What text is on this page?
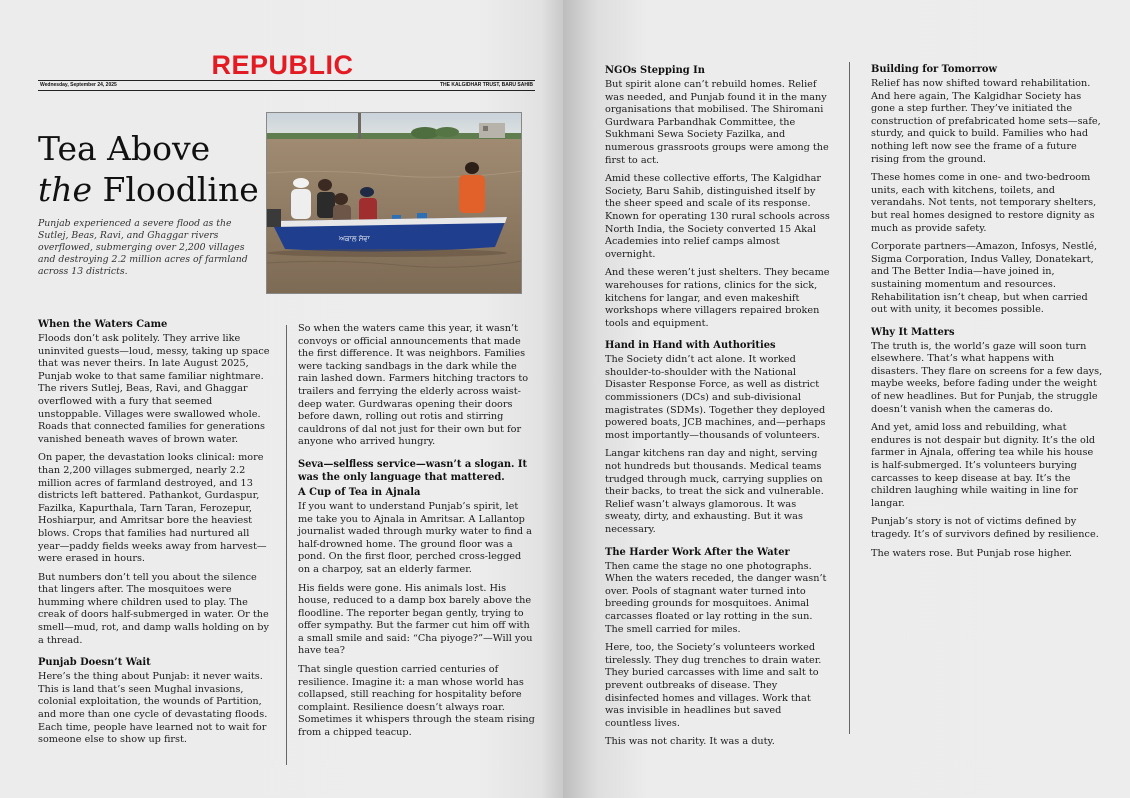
REPUBLIC
Wednesday, September 24, 2025	THE KALGIDHAR TRUST, BARU SAHIB
Tea Above

the Floodline
Punjab experienced a severe flood as the Sutlej, Beas, Ravi, and Ghaggar rivers overflowed, submerging over 2,200 villages and destroying 2.2 million acres of farmland across 13 districts.
ਅਕਾਲ ਸੇਵਾ
When the Waters Came

Floods don’t ask politely. They arrive like uninvited guests—loud, messy, taking up space that was never theirs. In late August 2025, Punjab woke to that same familiar nightmare. The rivers Sutlej, Beas, Ravi, and Ghaggar overflowed with a fury that seemed unstoppable. Villages were swallowed whole. Roads that connected families for generations vanished beneath waves of brown water.

On paper, the devastation looks clinical: more than 2,200 villages submerged, nearly 2.2 million acres of farmland destroyed, and 13 districts left battered. Pathankot, Gurdaspur, Fazilka, Kapurthala, Tarn Taran, Ferozepur, Hoshiarpur, and Amritsar bore the heaviest blows. Crops that families had nurtured all year—paddy fields weeks away from harvest—were erased in hours.

But numbers don’t tell you about the silence that lingers after. The mosquitoes were humming where children used to play. The creak of doors half-submerged in water. Or the smell—mud, rot, and damp walls holding on by a thread.

Punjab Doesn’t Wait

Here’s the thing about Punjab: it never waits. This is land that’s seen Mughal invasions, colonial exploitation, the wounds of Partition, and more than one cycle of devastating floods. Each time, people have learned not to wait for someone else to show up first.

So when the waters came this year, it wasn’t convoys or official announcements that made the first difference. It was neighbors. Families were tacking sandbags in the dark while the rain lashed down. Farmers hitching tractors to trailers and ferrying the elderly across waist-deep water. Gurdwaras opening their doors before dawn, rolling out rotis and stirring cauldrons of dal not just for their own but for anyone who arrived hungry.

Seva—selfless service—wasn’t a slogan. It was the only language that mattered.
A Cup of Tea in Ajnala

If you want to understand Punjab’s spirit, let me take you to Ajnala in Amritsar. A Lallantop journalist waded through murky water to find a half-drowned home. The ground floor was a pond. On the first floor, perched cross-legged on a charpoy, sat an elderly farmer.

His fields were gone. His animals lost. His house, reduced to a damp box barely above the floodline. The reporter began gently, trying to offer sympathy. But the farmer cut him off with a small smile and said: “Cha piyoge?”—Will you have tea?

That single question carried centuries of resilience. Imagine it: a man whose world has collapsed, still reaching for hospitality before complaint. Resilience doesn’t always roar. Sometimes it whispers through the steam rising from a chipped teacup.

NGOs Stepping In

But spirit alone can’t rebuild homes. Relief was needed, and Punjab found it in the many organisations that mobilised. The Shiromani Gurdwara Parbandhak Committee, the Sukhmani Sewa Society Fazilka, and numerous grassroots groups were among the first to act.

Amid these collective efforts, The Kalgidhar Society, Baru Sahib, distinguished itself by the sheer speed and scale of its response. Known for operating 130 rural schools across North India, the Society converted 15 Akal Academies into relief camps almost overnight.

And these weren’t just shelters. They became warehouses for rations, clinics for the sick, kitchens for langar, and even makeshift workshops where villagers repaired broken tools and equipment.

Hand in Hand with Authorities

The Society didn’t act alone. It worked shoulder-to-shoulder with the National Disaster Response Force, as well as district commissioners (DCs) and sub-divisional magistrates (SDMs). Together they deployed powered boats, JCB machines, and—perhaps most importantly—thousands of volunteers.

Langar kitchens ran day and night, serving not hundreds but thousands. Medical teams trudged through muck, carrying supplies on their backs, to treat the sick and vulnerable. Relief wasn’t always glamorous. It was sweaty, dirty, and exhausting. But it was necessary.

The Harder Work After the Water

Then came the stage no one photographs. When the waters receded, the danger wasn’t over. Pools of stagnant water turned into breeding grounds for mosquitoes. Animal carcasses floated or lay rotting in the sun. The smell carried for miles.

Here, too, the Society’s volunteers worked tirelessly. They dug trenches to drain water. They buried carcasses with lime and salt to prevent outbreaks of disease. They disinfected homes and villages. Work that was invisible in headlines but saved countless lives.

This was not charity. It was a duty.

Building for Tomorrow

Relief has now shifted toward rehabilitation. And here again, The Kalgidhar Society has gone a step further. They’ve initiated the construction of prefabricated home sets—safe, sturdy, and quick to build. Families who had nothing left now see the frame of a future rising from the ground.

These homes come in one- and two-bedroom units, each with kitchens, toilets, and verandahs. Not tents, not temporary shelters, but real homes designed to restore dignity as much as provide safety.

Corporate partners—Amazon, Infosys, Nestlé, Sigma Corporation, Indus Valley, Donatekart, and The Better India—have joined in, sustaining momentum and resources. Rehabilitation isn’t cheap, but when carried out with unity, it becomes possible.

Why It Matters

The truth is, the world’s gaze will soon turn elsewhere. That’s what happens with disasters. They flare on screens for a few days, maybe weeks, before fading under the weight of new headlines. But for Punjab, the struggle doesn’t vanish when the cameras do.

And yet, amid loss and rebuilding, what endures is not despair but dignity. It’s the old farmer in Ajnala, offering tea while his house is half-submerged. It’s volunteers burying carcasses to keep disease at bay. It’s the children laughing while waiting in line for langar.

Punjab’s story is not of victims defined by tragedy. It’s of survivors defined by resilience.

The waters rose. But Punjab rose higher.
